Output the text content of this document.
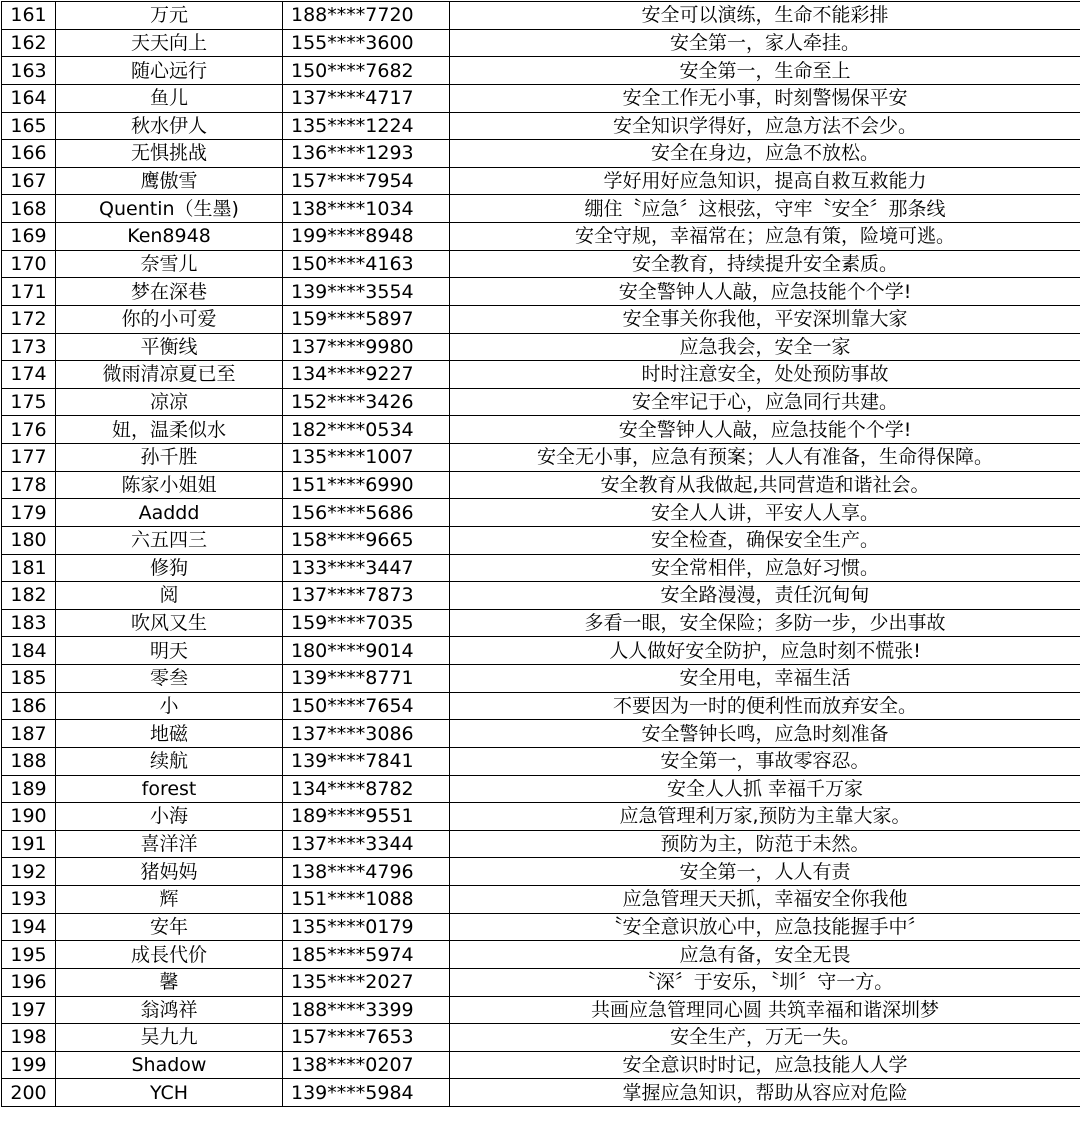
161	万元	188****7720	安全可以演练，生命不能彩排
162	天天向上	155****3600	安全第一，家人牵挂。
163	随心远行	150****7682	安全第一，生命至上
164	鱼儿	137****4717	安全工作无小事，时刻警惕保平安
165	秋水伊人	135****1224	安全知识学得好，应急方法不会少。
166	无惧挑战	136****1293	安全在身边，应急不放松。
167	鹰傲雪	157****7954	学好用好应急知识，提高自救互救能力
168	Quentin（生墨)	138****1034	绷住〝应急〞这根弦，守牢〝安全〞那条线
169	Ken8948	199****8948	安全守规，幸福常在；应急有策，险境可逃。
170	奈雪儿	150****4163	安全教育，持续提升安全素质。
171	梦在深巷	139****3554	安全警钟人人敲，应急技能个个学!
172	你的小可爱	159****5897	安全事关你我他，平安深圳靠大家
173	平衡线	137****9980	应急我会，安全一家
174	微雨清凉夏已至	134****9227	时时注意安全，处处预防事故
175	凉凉	152****3426	安全牢记于心，应急同行共建。
176	妞，温柔似水	182****0534	安全警钟人人敲，应急技能个个学!
177	孙千胜	135****1007	安全无小事，应急有预案；人人有准备，生命得保障。
178	陈家小姐姐	151****6990	安全教育从我做起,共同营造和谐社会。
179	Aaddd	156****5686	安全人人讲，平安人人享。
180	六五四三	158****9665	安全检查，确保安全生产。
181	修狗	133****3447	安全常相伴，应急好习惯。
182	阅	137****7873	安全路漫漫，责任沉甸甸
183	吹风又生	159****7035	多看一眼，安全保险；多防一步，少出事故
184	明天	180****9014	人人做好安全防护，应急时刻不慌张!
185	零叁	139****8771	安全用电，幸福生活
186	小	150****7654	不要因为一时的便利性而放弃安全。
187	地磁	137****3086	安全警钟长鸣，应急时刻准备
188	续航	139****7841	安全第一，事故零容忍。
189	forest	134****8782	安全人人抓 幸福千万家
190	小海	189****9551	应急管理利万家,预防为主靠大家。
191	喜洋洋	137****3344	预防为主，防范于未然。
192	猪妈妈	138****4796	安全第一，人人有责
193	辉	151****1088	应急管理天天抓，幸福安全你我他
194	安年	135****0179	〝安全意识放心中，应急技能握手中〞
195	成長代价	185****5974	应急有备，安全无畏
196	馨	135****2027	〝深〞于安乐，〝圳〞守一方。
197	翁鸿祥	188****3399	共画应急管理同心圆 共筑幸福和谐深圳梦
198	吴九九	157****7653	安全生产，万无一失。
199	Shadow	138****0207	安全意识时时记，应急技能人人学
200	YCH	139****5984	掌握应急知识，帮助从容应对危险
